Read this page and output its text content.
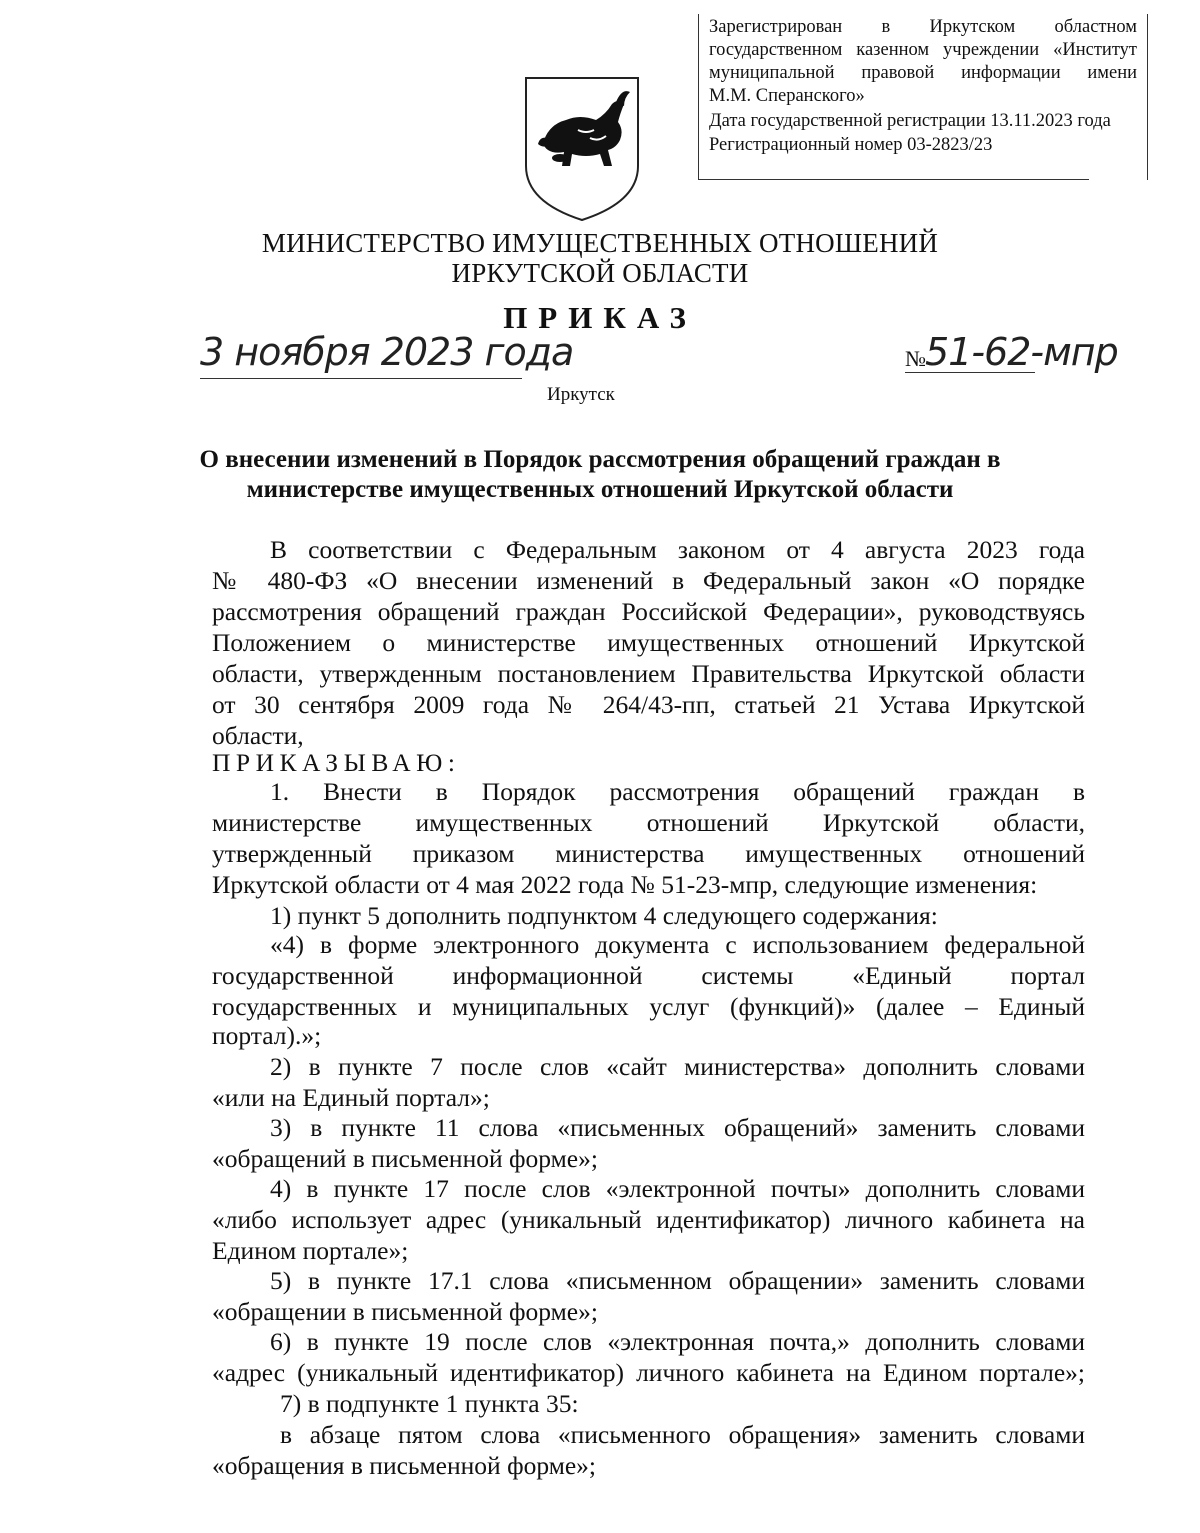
Зарегистрирован в Иркутском областном
государственном казенном учреждении «Институт
муниципальной правовой информации имени
М.М. Сперанского»
Дата государственной регистрации 13.11.2023 года
Регистрационный номер 03-2823/23
МИНИСТЕРСТВО ИМУЩЕСТВЕННЫХ ОТНОШЕНИЙ
ИРКУТСКОЙ ОБЛАСТИ
ПРИКАЗ
3 ноября 2023 года	№ 51-62-мпр
Иркутск
О внесении изменений в Порядок рассмотрения обращений граждан в
министерстве имущественных отношений Иркутской области
В соответствии с Федеральным законом от 4 августа 2023 года
№ 480-ФЗ «О внесении изменений в Федеральный закон «О порядке
рассмотрения обращений граждан Российской Федерации», руководствуясь
Положением о министерстве имущественных отношений Иркутской
области, утвержденным постановлением Правительства Иркутской области
от 30 сентября 2009 года № 264/43-пп, статьей 21 Устава Иркутской
области,
ПРИКАЗЫВАЮ:
1. Внести в Порядок рассмотрения обращений граждан в
министерстве имущественных отношений Иркутской области,
утвержденный приказом министерства имущественных отношений
Иркутской области от 4 мая 2022 года № 51-23-мпр, следующие изменения:
1) пункт 5 дополнить подпунктом 4 следующего содержания:
«4) в форме электронного документа с использованием федеральной
государственной информационной системы «Единый портал
государственных и муниципальных услуг (функций)» (далее – Единый
портал).»;
2) в пункте 7 после слов «сайт министерства» дополнить словами
«или на Единый портал»;
3) в пункте 11 слова «письменных обращений» заменить словами
«обращений в письменной форме»;
4) в пункте 17 после слов «электронной почты» дополнить словами
«либо использует адрес (уникальный идентификатор) личного кабинета на
Едином портале»;
5) в пункте 17.1 слова «письменном обращении» заменить словами
«обращении в письменной форме»;
6) в пункте 19 после слов «электронная почта,» дополнить словами
«адрес (уникальный идентификатор) личного кабинета на Едином портале»;
7) в подпункте 1 пункта 35:
в абзаце пятом слова «письменного обращения» заменить словами
«обращения в письменной форме»;
